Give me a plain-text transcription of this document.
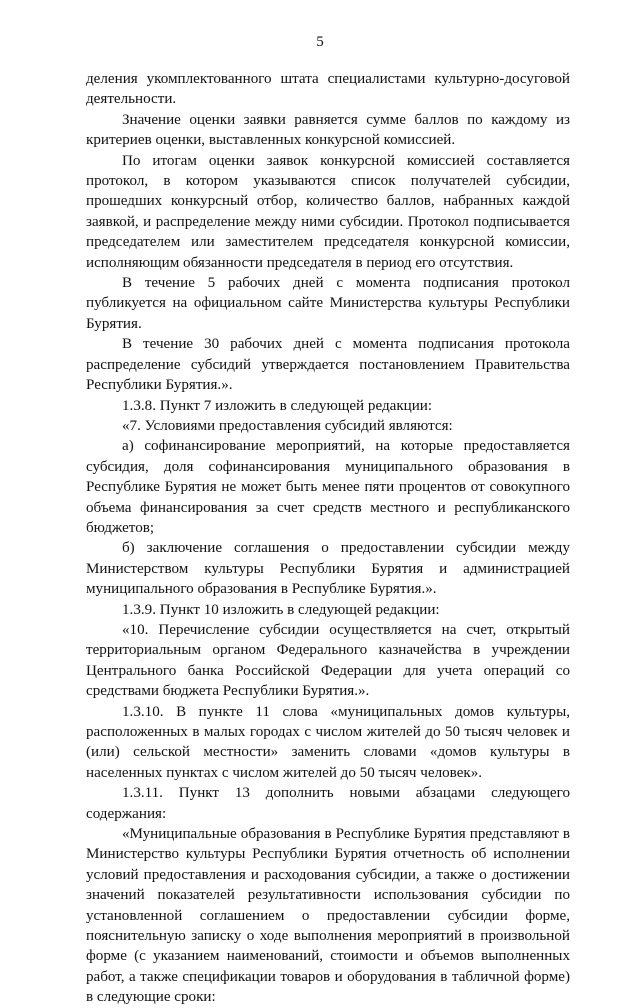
5

деления укомплектованного штата специалистами культурно-досуговой деятельности.

Значение оценки заявки равняется сумме баллов по каждому из критериев оценки, выставленных конкурсной комиссией.

По итогам оценки заявок конкурсной комиссией составляется протокол, в котором указываются список получателей субсидии, прошедших конкурсный отбор, количество баллов, набранных каждой заявкой, и распределение между ними субсидии. Протокол подписывается председателем или заместителем председателя конкурсной комиссии, исполняющим обязанности председателя в период его отсутствия.

В течение 5 рабочих дней с момента подписания протокол публикуется на официальном сайте Министерства культуры Республики Бурятия.

В течение 30 рабочих дней с момента подписания протокола распределение субсидий утверждается постановлением Правительства Республики Бурятия.».

1.3.8. Пункт 7 изложить в следующей редакции:

«7. Условиями предоставления субсидий являются:

а) софинансирование мероприятий, на которые предоставляется субсидия, доля софинансирования муниципального образования в Республике Бурятия не может быть менее пяти процентов от совокупного объема финансирования за счет средств местного и республиканского бюджетов;

б) заключение соглашения о предоставлении субсидии между Министерством культуры Республики Бурятия и администрацией муниципального образования в Республике Бурятия.».

1.3.9. Пункт 10 изложить в следующей редакции:

«10. Перечисление субсидии осуществляется на счет, открытый территориальным органом Федерального казначейства в учреждении Центрального банка Российской Федерации для учета операций со средствами бюджета Республики Бурятия.».

1.3.10. В пункте 11 слова «муниципальных домов культуры, расположенных в малых городах с числом жителей до 50 тысяч человек и (или) сельской местности» заменить словами «домов культуры в населенных пунктах с числом жителей до 50 тысяч человек».

1.3.11. Пункт 13 дополнить новыми абзацами следующего содержания:

«Муниципальные образования в Республике Бурятия представляют в Министерство культуры Республики Бурятия отчетность об исполнении условий предоставления и расходования субсидии, а также о достижении значений показателей результативности использования субсидии по установленной соглашением о предоставлении субсидии форме, пояснительную записку о ходе выполнения мероприятий в произвольной форме (с указанием наименований, стоимости и объемов выполненных работ, а также спецификации товаров и оборудования в табличной форме) в следующие сроки:
